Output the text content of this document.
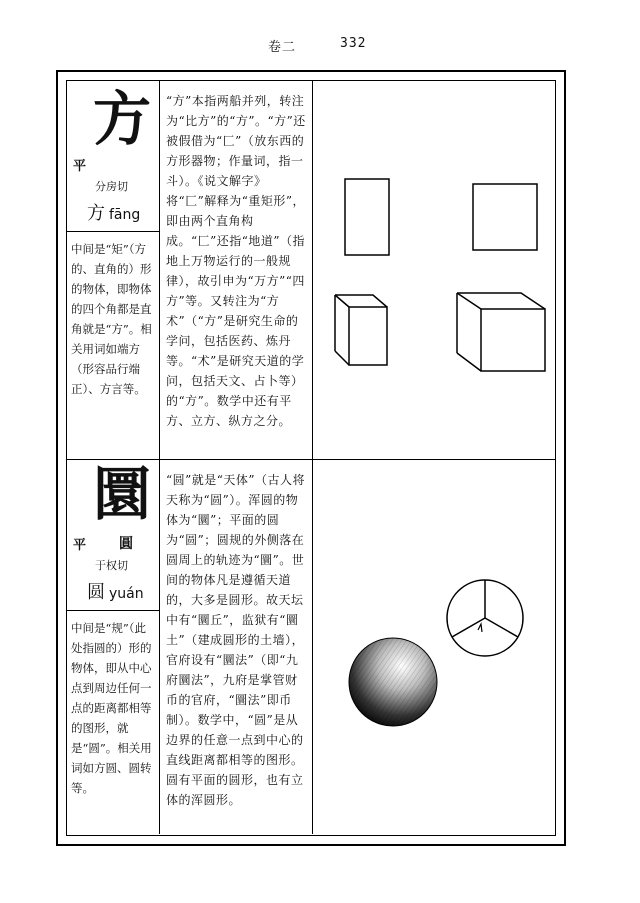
卷二	332
方
平
分房切
方 fāng
中间是“矩”（方的、直角的）形的物体，即物体的四个角都是直角就是“方”。相关用词如端方（形容品行端正）、方言等。
“方”本指两船并列，转注为“比方”的“方”。“方”还被假借为“匚”（放东西的方形器物；作量词，指一斗）。《说文解字》将“匚”解释为“重矩形”，即由两个直角构成。“匚”还指“地道”（指地上万物运行的一般规律），故引申为“万方”“四方”等。又转注为“方术”（“方”是研究生命的学问，包括医药、炼丹等。“术”是研究天道的学问，包括天文、占卜等）的“方”。数学中还有平方、立方、纵方之分。
圜
平 圓
于权切
圆 yuán
中间是“规”（此处指圆的）形的物体，即从中心点到周边任何一点的距离都相等的图形，就是“圆”。相关用词如方圆、圆转等。
“圆”就是“天体”（古人将天称为“圆”）。浑圆的物体为“圜”；平面的圆为“圆”；圆规的外侧落在圆周上的轨迹为“圜”。世间的物体凡是遵循天道的，大多是圆形。故天坛中有“圜丘”，监狱有“圜土”（建成圆形的土墙），官府设有“圜法”（即“九府圜法”，九府是掌管财币的官府，“圜法”即币制）。数学中，“圆”是从边界的任意一点到中心的直线距离都相等的图形。圆有平面的圆形，也有立体的浑圆形。
